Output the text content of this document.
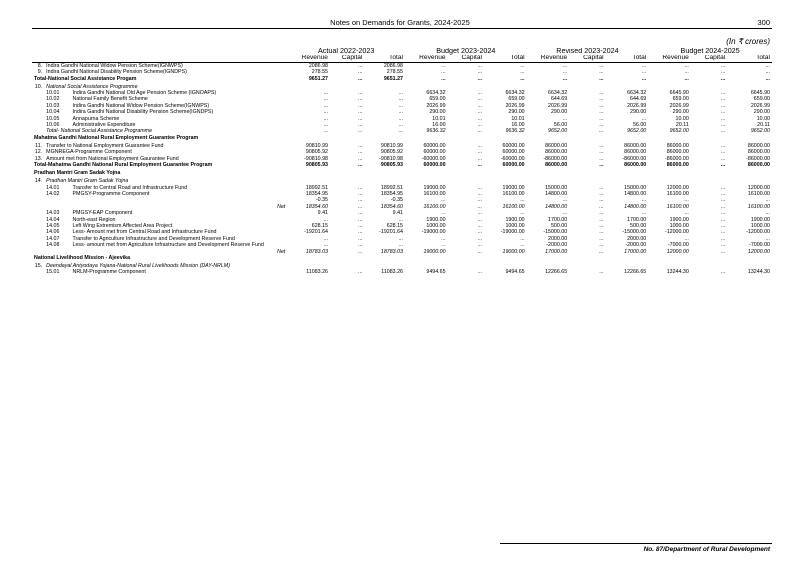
Notes on Demands for Grants, 2024-2025	300
(In ₹ crores)
			Actual 2022-2023			Budget 2023-2024			Revised 2023-2024			Budget 2024-2025		
			Revenue	Capital	Total	Revenue	Capital	Total	Revenue	Capital	Total	Revenue	Capital	Total
8.	Indira Gandhi National Widow Pension Scheme(IGNWPS)		2086.98	...	2086.98	...	...	...	...	...	...	...	...	...
9.	Indira Gandhi National Disability Pension Scheme(IGNDPS)		278.55	...	278.55	...	...	...	...	...	...	...	...	...
Total-National Social Assistance Progam			9651.27	...	9651.27	...	...	...	...	...	...	...	...	...
10.	National Social Assistance Programme													
	10.01	Indira Gandhi National Old Age Pension Scheme (IGNOAPS)	...	...	...	6634.32	...	6634.32	6634.32	...	6634.32	6645.90	...	6645.90
	10.02	National Family Benefit Scheme	...	...	...	659.00	...	659.00	644.69	...	644.69	659.00	...	659.00
	10.03	Indira Gandhi National Widow Pension Scheme(IGNWPS)	...	...	...	2026.99	...	2026.99	2026.99	...	2026.99	2026.99	...	2026.99
	10.04	Indira Gandhi National Disability Pension Scheme(IGNDPS)	...	...	...	290.00	...	290.00	290.00	...	290.00	290.00	...	290.00
	10.05	Annapurna Scheme	...	...	...	10.01	...	10.01	...	...	...	10.00	...	10.00
	10.06	Administrative Expenditure	...	...	...	16.00	...	16.00	56.00	...	56.00	20.11	...	20.11
	Total- National Social Assistance Programme		...	...	...	9636.32	...	9636.32	9652.00	...	9652.00	9652.00	...	9652.00
Mahatma Gandhi National Rural Employment Guarantee Program														
11.	Transfer to National Employment Guarantee Fund		90810.99	...	90810.99	60000.00	...	60000.00	86000.00	...	86000.00	86000.00	...	86000.00
12.	MGNREGA-Programme Component		90805.92	...	90805.92	60000.00	...	60000.00	86000.00	...	86000.00	86000.00	...	86000.00
13.	Amount met from National Employment Gaurantee Fund		-90810.98	...	-90810.98	-60000.00	...	-60000.00	-86000.00	...	-86000.00	-86000.00	...	-86000.00
Total-Mahatma Gandhi National Rural Employment Guarantee Program			90805.93	...	90805.93	60000.00	...	60000.00	86000.00	...	86000.00	86000.00	...	86000.00
Pradhan Mantri Gram Sadak Yojna														
14.	Pradhan Mantri Gram Sadak Yojna													
	14.01	Transfer to Central Road and Infrastructure Fund	18992.51	...	18992.51	19000.00	...	19000.00	15000.00	...	15000.00	12000.00	...	12000.00
	14.02	PMGSY-Programme Component	18354.95	...	18354.95	16100.00	...	16100.00	14800.00	...	14800.00	16100.00	...	16100.00
			-0.35	...	-0.35	...	...	...	...	...	...	...	...	...
Net			18354.60	...	18354.60	16100.00	...	16100.00	14800.00	...	14800.00	16100.00	...	16100.00
	14.03	PMGSY-EAP Component	9.41	...	9.41	...	...	...	...	...	...	...	...	...
	14.04	North-east Region	...	...	...	1900.00	...	1900.00	1700.00	...	1700.00	1900.00	...	1900.00
	14.05	Left Wing Extremism Affected Area Project	628.15	...	628.15	1000.00	...	1000.00	500.00	...	500.00	1000.00	...	1000.00
	14.06	Less- Amount met from Central Road and Infrastructure Fund	-19201.64	...	-19201.64	-19000.00	...	-19000.00	-15000.00	...	-15000.00	-12000.00	...	-12000.00
	14.07	Transfer to Agriculture Infrastructure and Development Reserve Fund	...	...	...	...	...	...	2000.00	...	2000.00	...	...	...
	14.08	Less- amount met from Agriculture Infrastructure and Development Reserve Fund	...	...	...	...	...	...	-2000.00	...	-2000.00	-7000.00	...	-7000.00
Net			18783.03	...	18783.03	19000.00	...	19000.00	17000.00	...	17000.00	12000.00	...	12000.00
National Livelihood Mission - Ajeevika														
15.	Deendayal Antyodaya Yojana-National Rural Livelihoods Mission (DAY-NRLM)													
	15.01	NRLM-Programme Component	11083.26	...	11083.26	9494.65	...	9494.65	12266.65	...	12266.65	13244.30	...	13244.30
No. 87/Department of Rural Development
